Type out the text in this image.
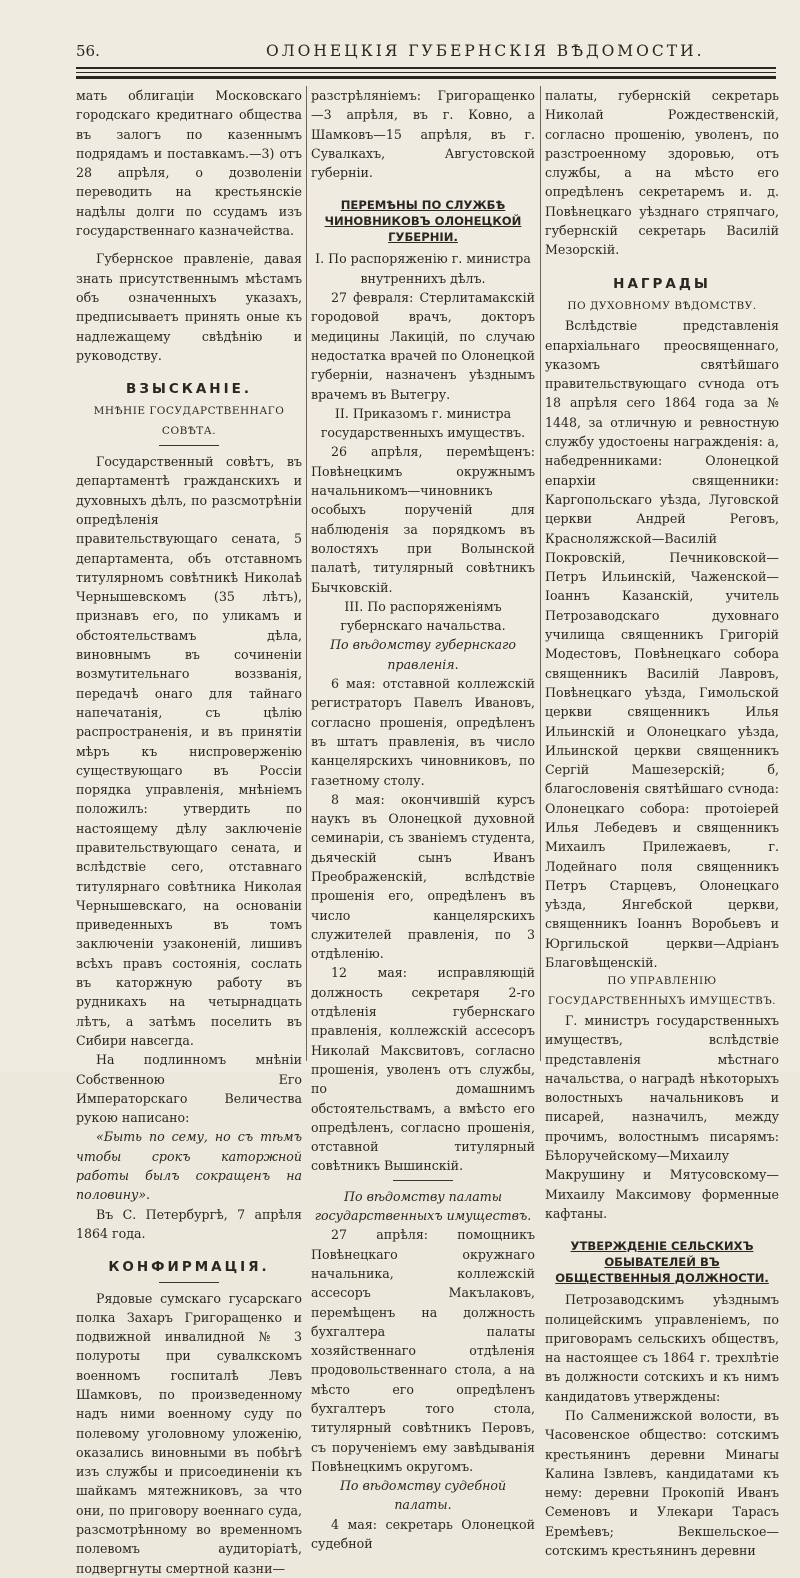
56.	ОЛОНЕЦКІЯ ГУБЕРНСКІЯ ВѢДОМОСТИ.

мать облигаціи Московскаго городскаго кредитнаго общества въ залогъ по казеннымъ подрядамъ и поставкамъ.—3) отъ 28 апрѣля, о дозволеніи переводить на крестьянскіе надѣлы долги по ссудамъ изъ государственнаго казначейства.

Губернское правленіе, давая знать присутственнымъ мѣстамъ объ означенныхъ указахъ, предписываетъ принять оные къ надлежащему свѣдѣнію и руководству.

ВЗЫСКАНІЕ.
МНѢНІЕ ГОСУДАРСТВЕННАГО СОВѢТА.

Государственный совѣтъ, въ департаментѣ гражданскихъ и духовныхъ дѣлъ, по разсмотрѣніи опредѣленія правительствующаго сената, 5 департамента, объ отставномъ титулярномъ совѣтникѣ Николаѣ Чернышевскомъ (35 лѣтъ), признавъ его, по уликамъ и обстоятельствамъ дѣла, виновнымъ въ сочиненіи возмутительнаго воззванія, передачѣ онаго для тайнаго напечатанія, съ цѣлію распространенія, и въ принятіи мѣръ къ ниспроверженію существующаго въ Россіи порядка управленія, мнѣніемъ положилъ: утвердить по настоящему дѣлу заключеніе правительствующаго сената, и вслѣдствіе сего, отставнаго титулярнаго совѣтника Николая Чернышевскаго, на основаніи приведенныхъ въ томъ заключеніи узаконеній, лишивъ всѣхъ правъ состоянія, сослать въ каторжную работу въ рудникахъ на четырнадцать лѣтъ, а затѣмъ поселить въ Сибири навсегда.

На подлинномъ мнѣніи Собственною Его Императорскаго Величества рукою написано:

«Быть по сему, но съ тѣмъ чтобы срокъ каторжной работы былъ сокращенъ на половину».

Въ С. Петербургѣ, 7 апрѣля 1864 года.

КОНФИРМАЦІЯ.

Рядовые сумскаго гусарскаго полка Захаръ Григоращенко и подвижной инвалидной № 3 полуроты при сувалкскомъ военномъ госпиталѣ Левъ Шамковъ, по произведенному надъ ними военному суду по полевому уголовному уложенію, оказались виновными въ побѣгѣ изъ службы и присоединеніи къ шайкамъ мятежниковъ, за что они, по приговору военнаго суда, разсмотрѣнному во временномъ полевомъ аудиторіатѣ, подвергнуты смертной казни—

разстрѣляніемъ: Григоращенко—3 апрѣля, въ г. Ковно, а Шамковъ—15 апрѣля, въ г. Сувалкахъ, Августовской губерніи.

ПЕРЕМѢНЫ ПО СЛУЖБѢ ЧИНОВНИКОВЪ ОЛОНЕЦКОЙ ГУБЕРНІИ.

I. По распоряженію г. министра внутреннихъ дѣлъ.

27 февраля: Стерлитамакскій городовой врачъ, докторъ медицины Лакицій, по случаю недостатка врачей по Олонецкой губерніи, назначенъ уѣзднымъ врачемъ въ Вытегру.

II. Приказомъ г. министра государственныхъ имуществъ.

26 апрѣля, перемѣщенъ: Повѣнецкимъ окружнымъ начальникомъ—чиновникъ особыхъ порученій для наблюденія за порядкомъ въ волостяхъ при Волынской палатѣ, титулярный совѣтникъ Бычковскій.

III. По распоряженіямъ губернскаго начальства.

По вѣдомству губернскаго правленія.

6 мая: отставной коллежскій регистраторъ Павелъ Ивановъ, согласно прошенія, опредѣленъ въ штатъ правленія, въ число канцелярскихъ чиновниковъ, по газетному столу.

8 мая: окончившій курсъ наукъ въ Олонецкой духовной семинаріи, съ званіемъ студента, дьяческій сынъ Иванъ Преображенскій, вслѣдствіе прошенія его, опредѣленъ въ число канцелярскихъ служителей правленія, по 3 отдѣленію.

12 мая: исправляющій должность секретаря 2-го отдѣленія губернскаго правленія, коллежскій ассесоръ Николай Максвитовъ, согласно прошенія, уволенъ отъ службы, по домашнимъ обстоятельствамъ, а вмѣсто его опредѣленъ, согласно прошенія, отставной титулярный совѣтникъ Вышинскій.

По вѣдомству палаты государственныхъ имуществъ.

27 апрѣля: помощникъ Повѣнецкаго окружнаго начальника, коллежскій ассесоръ Макълаковъ, перемѣщенъ на должность бухгалтера палаты хозяйственнаго отдѣленія продовольственнаго стола, а на мѣсто его опредѣленъ бухгалтеръ того стола, титулярный совѣтникъ Перовъ, съ порученіемъ ему завѣдыванія Повѣнецкимъ округомъ.

По вѣдомству судебной палаты.

4 мая: секретарь Олонецкой судебной

палаты, губернскій секретарь Николай Рождественскій, согласно прошенію, уволенъ, по разстроенному здоровью, отъ службы, а на мѣсто его опредѣленъ секретаремъ и. д. Повѣнецкаго уѣзднаго стряпчаго, губернскій секретарь Василій Мезорскій.

НАГРАДЫ
ПО ДУХОВНОМУ ВѢДОМСТВУ.

Вслѣдствіе представленія епархіальнаго преосвященнаго, указомъ святѣйшаго правительствующаго сѵнода отъ 18 апрѣля сего 1864 года за № 1448, за отличную и ревностную службу удостоены награжденія: а, набедренниками: Олонецкой епархіи священники: Каргопольскаго уѣзда, Луговской церкви Андрей Реговъ, Красноляжской—Василій Покровскій, Печниковской—Петръ Ильинскій, Чаженской—Іоаннъ Казанскій, учитель Петрозаводскаго духовнаго училища священникъ Григорій Модестовъ, Повѣнецкаго собора священникъ Василій Лавровъ, Повѣнецкаго уѣзда, Гимольской церкви священникъ Илья Ильинскій и Олонецкаго уѣзда, Ильинской церкви священникъ Сергій Машезерскій; б, благословенія святѣйшаго сѵнода: Олонецкаго собора: протоіерей Илья Лебедевъ и священникъ Михаилъ Прилежаевъ, г. Лодейнаго поля священникъ Петръ Старцевъ, Олонецкаго уѣзда, Янгебской церкви, священникъ Іоаннъ Воробьевъ и Юргильской церкви—Адріанъ Благовѣщенскій.

ПО УПРАВЛЕНІЮ ГОСУДАРСТВЕННЫХЪ ИМУЩЕСТВЪ.

Г. министръ государственныхъ имуществъ, вслѣдствіе представленія мѣстнаго начальства, о наградѣ нѣкоторыхъ волостныхъ начальниковъ и писарей, назначилъ, между прочимъ, волостнымъ писарямъ: Бѣлоручейскому—Михаилу Макрушину и Мятусовскому—Михаилу Максимову форменные кафтаны.

УТВЕРЖДЕНІЕ СЕЛЬСКИХЪ ОБЫВАТЕЛЕЙ ВЪ ОБЩЕСТВЕННЫЯ ДОЛЖНОСТИ.

Петрозаводскимъ уѣзднымъ полицейскимъ управленіемъ, по приговорамъ сельскихъ обществъ, на настоящее съ 1864 г. трехлѣтіе въ должности сотскихъ и къ нимъ кандидатовъ утверждены:

По Салменижской волости, въ Часовенское общество: сотскимъ крестьянинъ деревни Минагы Калина Ізвлевъ, кандидатами къ нему: деревни Прокопій Иванъ Семеновъ и Улекари Тарасъ Еремѣевъ; Векшельское—сотскимъ крестьянинъ деревни
